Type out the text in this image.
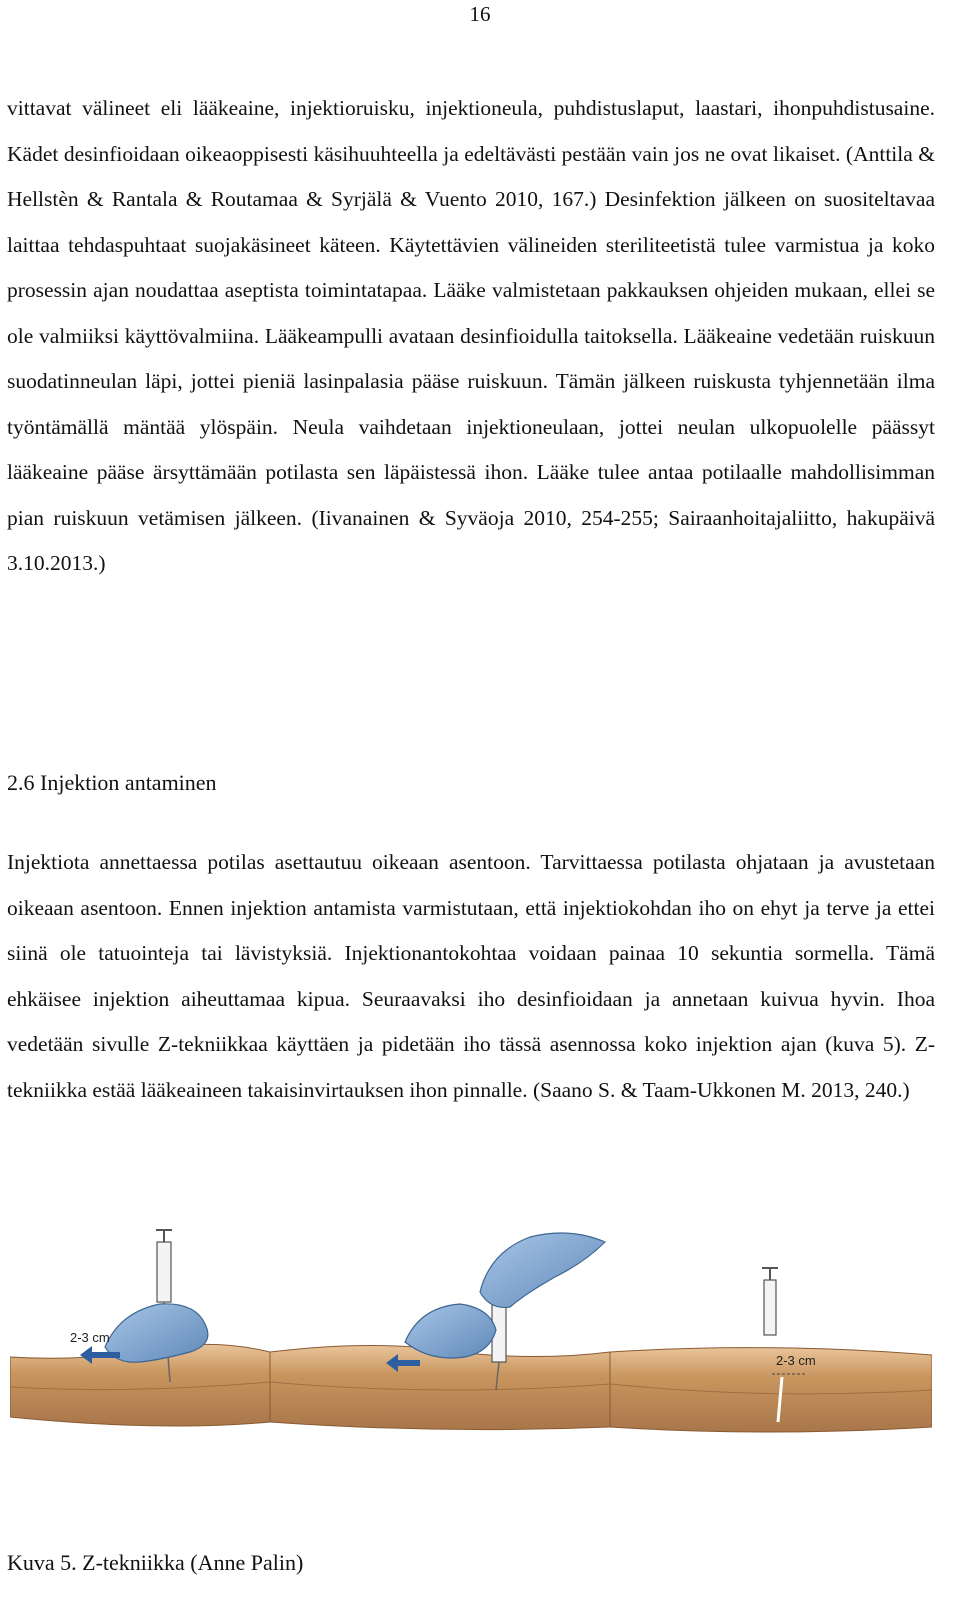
16

vittavat välineet eli lääkeaine, injektioruisku, injektioneula, puhdistuslaput, laastari, ihonpuhdistusaine. Kädet desinfioidaan oikeaoppisesti käsihuuhteella ja edeltävästi pestään vain jos ne ovat likaiset. (Anttila & Hellstèn & Rantala & Routamaa & Syrjälä & Vuento 2010, 167.) Desinfektion jälkeen on suositeltavaa laittaa tehdaspuhtaat suojakäsineet käteen. Käytettävien välineiden steriliteetistä tulee varmistua ja koko prosessin ajan noudattaa aseptista toimintatapaa. Lääke valmistetaan pakkauksen ohjeiden mukaan, ellei se ole valmiiksi käyttövalmiina. Lääkeampulli avataan desinfioidulla taitoksella. Lääkeaine vedetään ruiskuun suodatinneulan läpi, jottei pieniä lasinpalasia pääse ruiskuun. Tämän jälkeen ruiskusta tyhjennetään ilma työntämällä mäntää ylöspäin. Neula vaihdetaan injektioneulaan, jottei neulan ulkopuolelle päässyt lääkeaine pääse ärsyttämään potilasta sen läpäistessä ihon. Lääke tulee antaa potilaalle mahdollisimman pian ruiskuun vetämisen jälkeen. (Iivanainen & Syväoja 2010, 254-255; Sairaanhoitajaliitto, hakupäivä 3.10.2013.)

2.6 Injektion antaminen

Injektiota annettaessa potilas asettautuu oikeaan asentoon. Tarvittaessa potilasta ohjataan ja avustetaan oikeaan asentoon. Ennen injektion antamista varmistutaan, että injektiokohdan iho on ehyt ja terve ja ettei siinä ole tatuointeja tai lävistyksiä. Injektionantokohtaa voidaan painaa 10 sekuntia sormella. Tämä ehkäisee injektion aiheuttamaa kipua. Seuraavaksi iho desinfioidaan ja annetaan kuivua hyvin. Ihoa vedetään sivulle Z-tekniikkaa käyttäen ja pidetään iho tässä asennossa koko injektion ajan (kuva 5). Z-tekniikka estää lääkeaineen takaisinvirtauksen ihon pinnalle. (Saano S. & Taam-Ukkonen M. 2013, 240.)

2-3 cm
2-3 cm

Kuva 5. Z-tekniikka (Anne Palin)
